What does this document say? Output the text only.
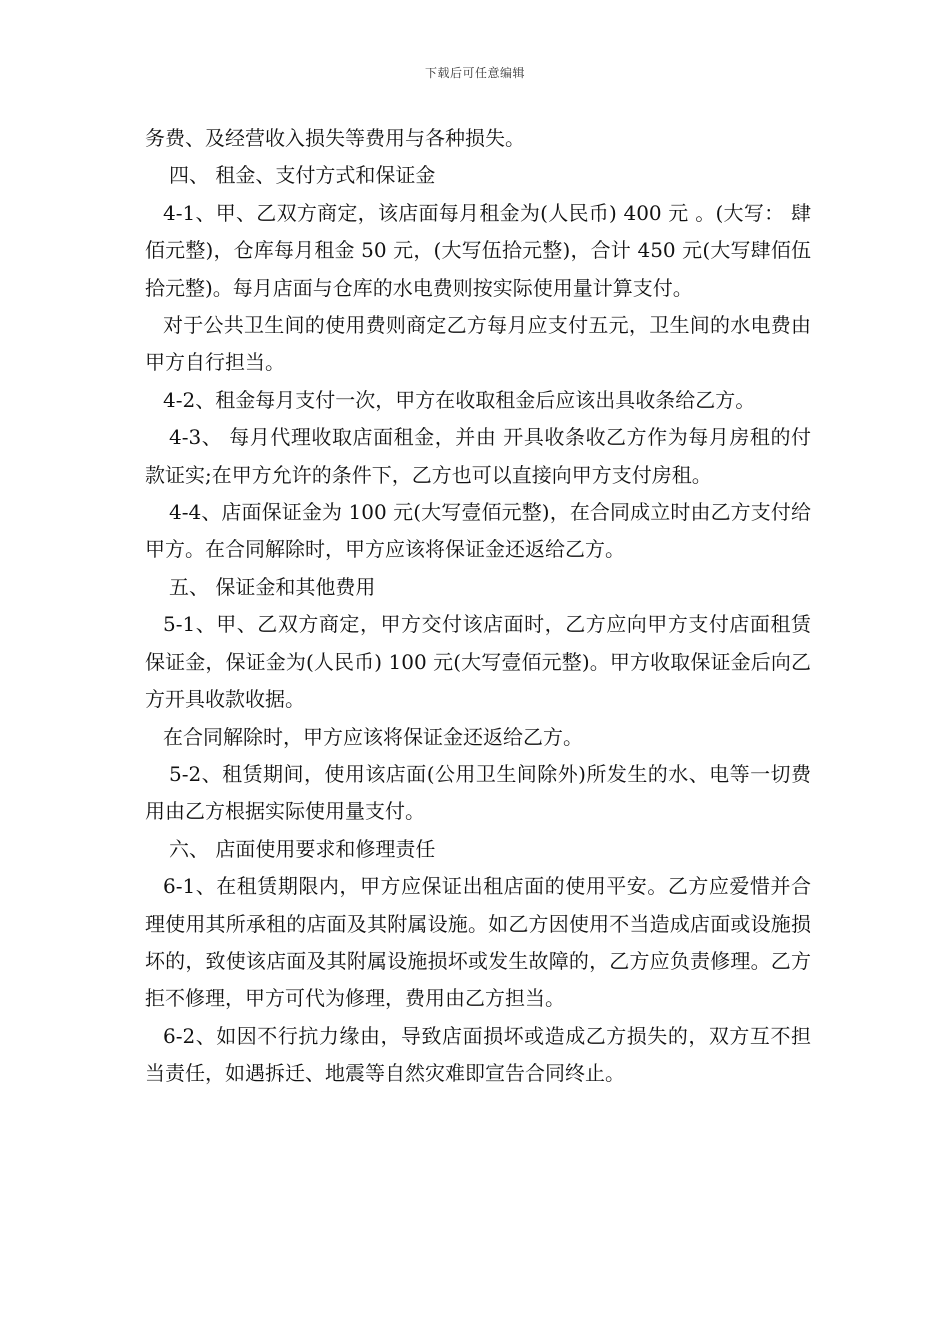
下载后可任意编辑

务费、及经营收入损失等费用与各种损失。

四、 租金、支付方式和保证金

4-1、甲、乙双方商定，该店面每月租金为(人民币) 400 元 。(大写： 肆 佰元整)，仓库每月租金 50 元，(大写伍拾元整)，合计 450 元(大写肆佰伍拾元整)。每月店面与仓库的水电费则按实际使用量计算支付。

对于公共卫生间的使用费则商定乙方每月应支付五元，卫生间的水电费由甲方自行担当。

4-2、租金每月支付一次，甲方在收取租金后应该出具收条给乙方。

4-3、 每月代理收取店面租金，并由 开具收条收乙方作为每月房租的付款证实;在甲方允许的条件下，乙方也可以直接向甲方支付房租。

4-4、店面保证金为 100 元(大写壹佰元整)，在合同成立时由乙方支付给甲方。在合同解除时，甲方应该将保证金还返给乙方。

五、 保证金和其他费用

5-1、甲、乙双方商定，甲方交付该店面时，乙方应向甲方支付店面租赁保证金，保证金为(人民币) 100 元(大写壹佰元整)。甲方收取保证金后向乙方开具收款收据。

在合同解除时，甲方应该将保证金还返给乙方。

5-2、租赁期间，使用该店面(公用卫生间除外)所发生的水、电等一切费用由乙方根据实际使用量支付。

六、 店面使用要求和修理责任

6-1、在租赁期限内，甲方应保证出租店面的使用平安。乙方应爱惜并合理使用其所承租的店面及其附属设施。如乙方因使用不当造成店面或设施损坏的，致使该店面及其附属设施损坏或发生故障的，乙方应负责修理。乙方拒不修理，甲方可代为修理，费用由乙方担当。

6-2、如因不行抗力缘由，导致店面损坏或造成乙方损失的，双方互不担当责任，如遇拆迁、地震等自然灾难即宣告合同终止。
